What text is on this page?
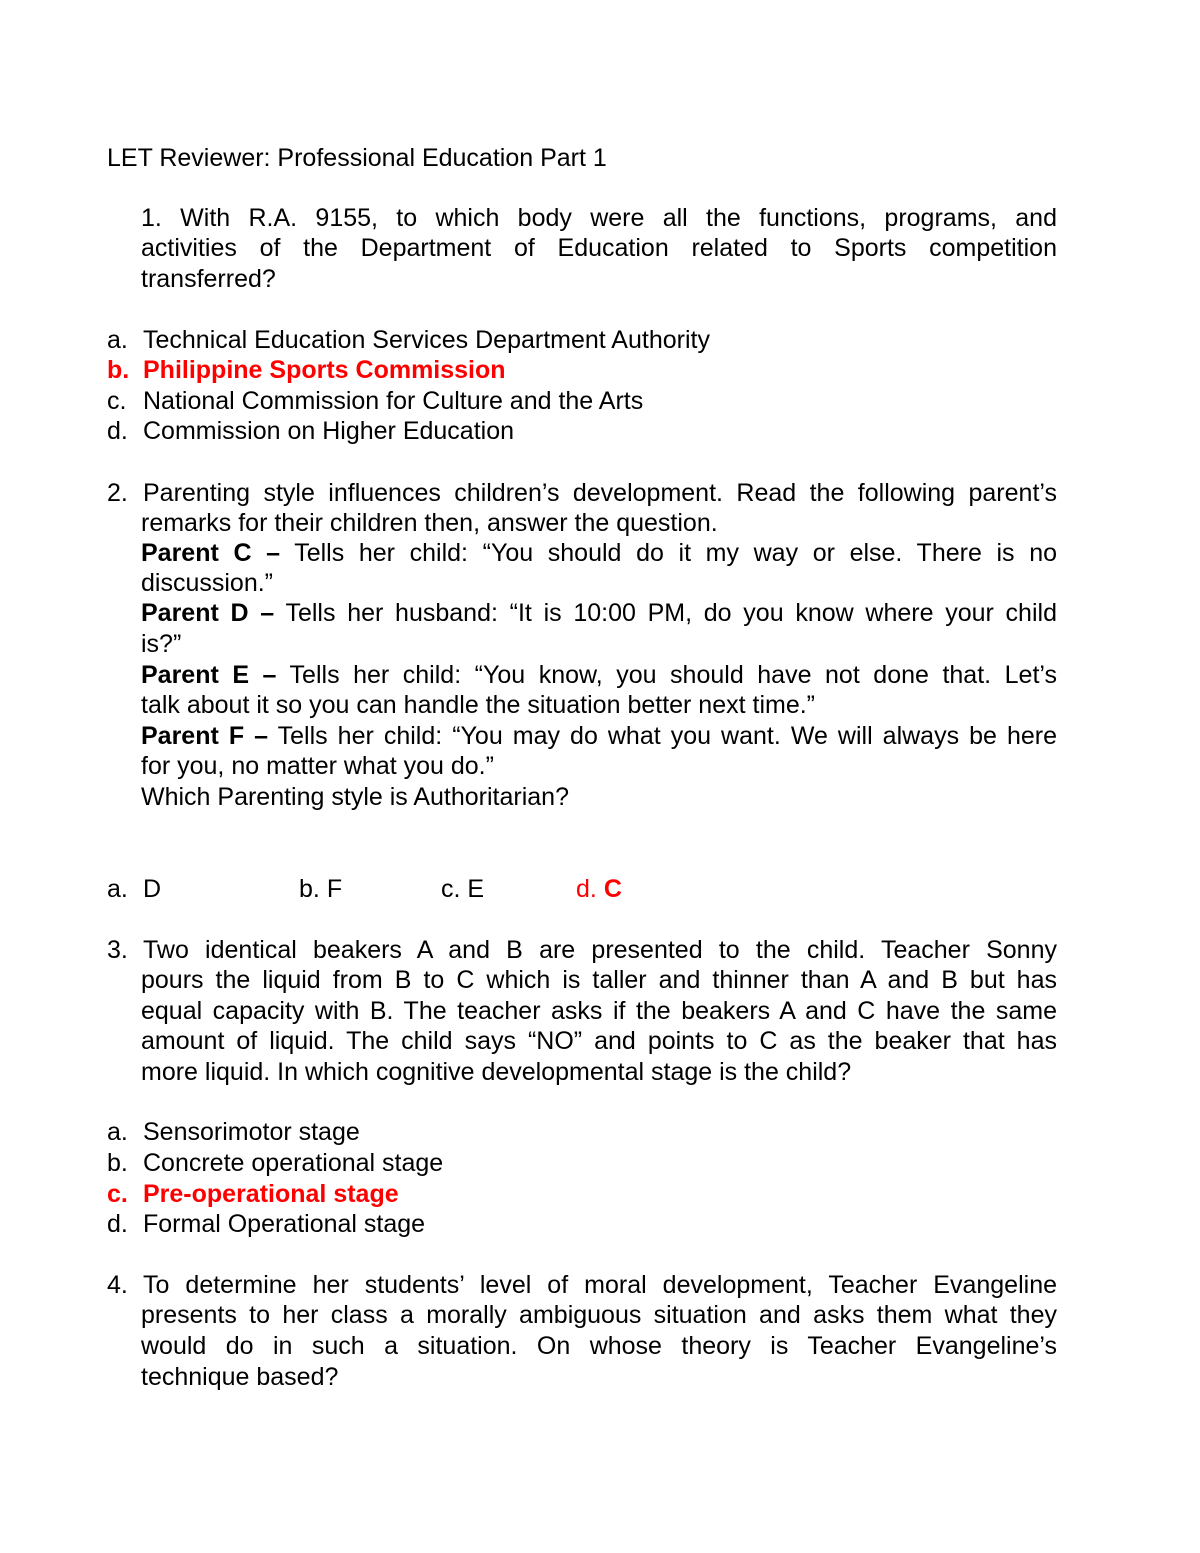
LET Reviewer: Professional Education Part 1
1. With R.A. 9155, to which body were all the functions, programs, and
activities of the Department of Education related to Sports competition
transferred?
a. Technical Education Services Department Authority
b. Philippine Sports Commission
c. National Commission for Culture and the Arts
d. Commission on Higher Education
2. Parenting style influences children’s development. Read the following parent’s
remarks for their children then, answer the question.
Parent C – Tells her child: “You should do it my way or else. There is no
discussion.”
Parent D – Tells her husband: “It is 10:00 PM, do you know where your child
is?”
Parent E – Tells her child: “You know, you should have not done that. Let’s
talk about it so you can handle the situation better next time.”
Parent F – Tells her child: “You may do what you want. We will always be here
for you, no matter what you do.”
Which Parenting style is Authoritarian?
a. D	b. F	c. E	d. C
3. Two identical beakers A and B are presented to the child. Teacher Sonny
pours the liquid from B to C which is taller and thinner than A and B but has
equal capacity with B. The teacher asks if the beakers A and C have the same
amount of liquid. The child says “NO” and points to C as the beaker that has
more liquid. In which cognitive developmental stage is the child?
a. Sensorimotor stage
b. Concrete operational stage
c. Pre-operational stage
d. Formal Operational stage
4. To determine her students’ level of moral development, Teacher Evangeline
presents to her class a morally ambiguous situation and asks them what they
would do in such a situation. On whose theory is Teacher Evangeline’s
technique based?
